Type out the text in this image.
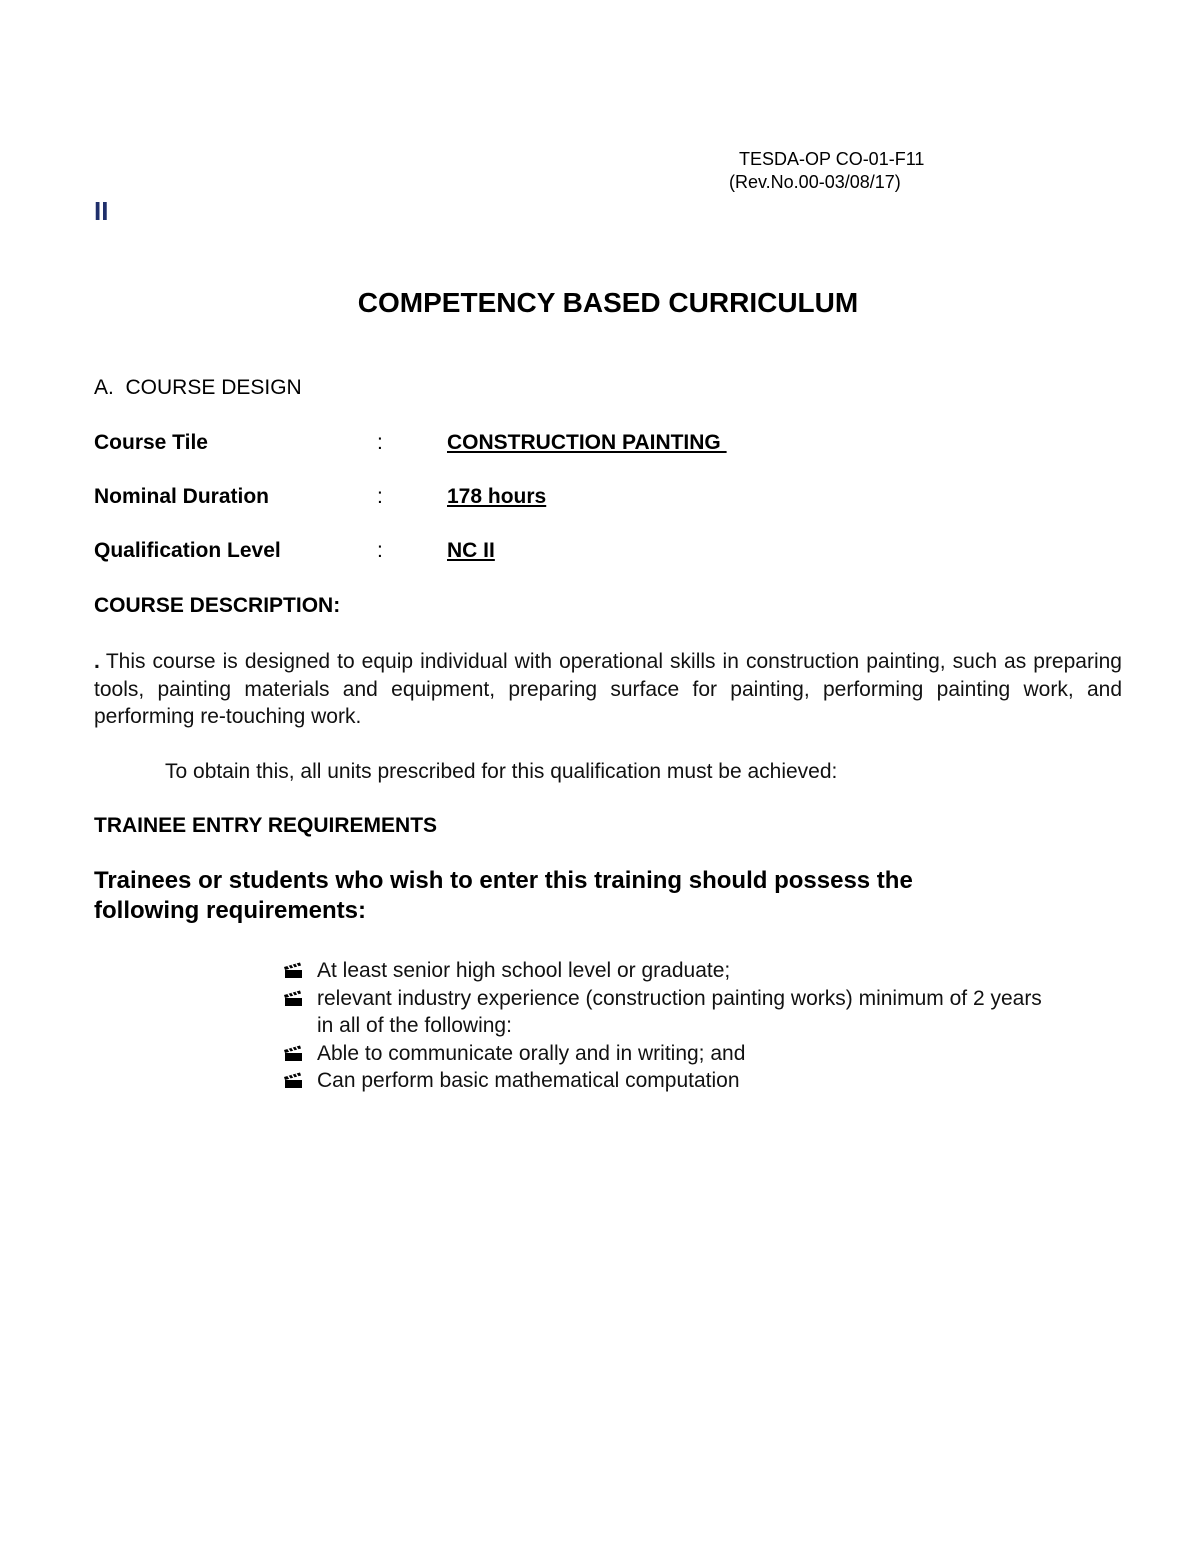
TESDA-OP CO-01-F11

(Rev.No.00-03/08/17)

II

COMPETENCY BASED CURRICULUM

A.  COURSE DESIGN

Course Tile	:	CONSTRUCTION PAINTING

Nominal Duration	:	178 hours

Qualification Level	:	NC II

COURSE DESCRIPTION:

. This course is designed to equip individual with operational skills in construction painting, such as preparing tools, painting materials and equipment, preparing surface for painting, performing painting work, and performing re-touching work.

To obtain this, all units prescribed for this qualification must be achieved:

TRAINEE ENTRY REQUIREMENTS

Trainees or students who wish to enter this training should possess the following requirements:

At least senior high school level or graduate;
relevant industry experience (construction painting works) minimum of 2 years in all of the following:
Able to communicate orally and in writing; and
Can perform basic mathematical computation
